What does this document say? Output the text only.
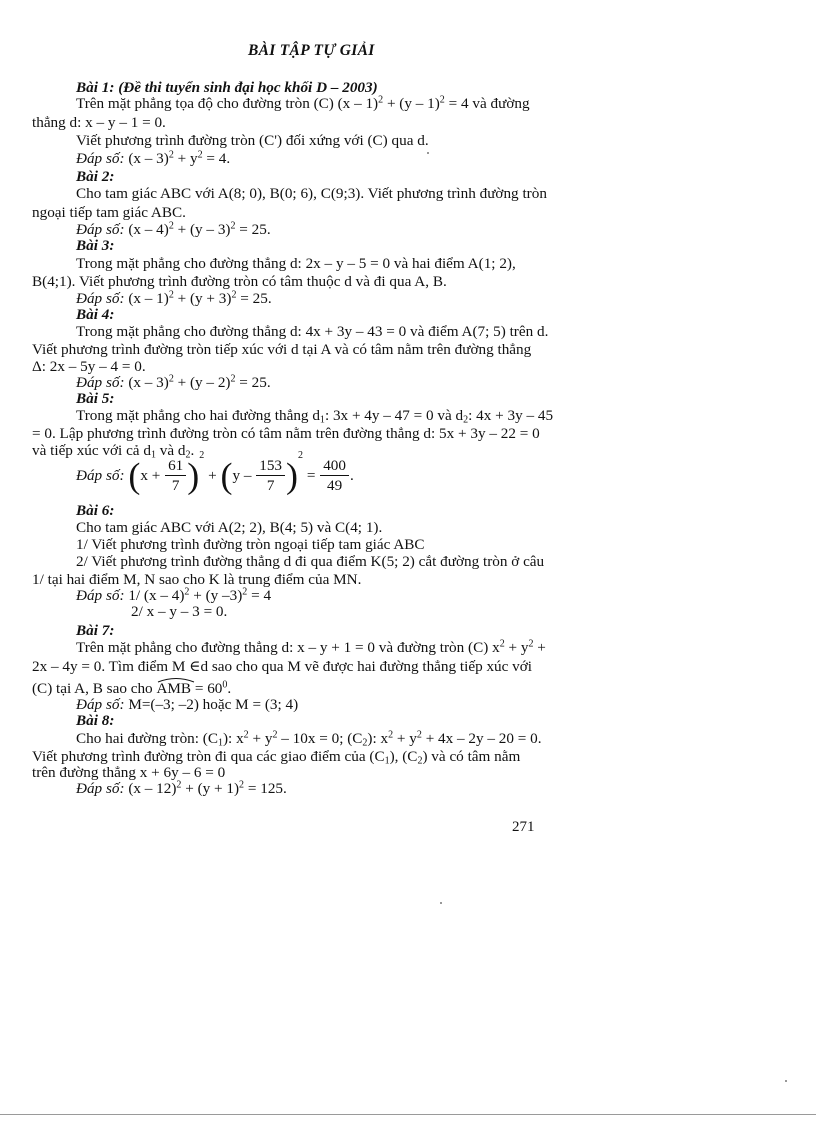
BÀI TẬP TỰ GIẢI
Bài 1: (Đề thi tuyển sinh đại học khối D – 2003)
Trên mặt phẳng tọa độ cho đường tròn (C) (x – 1)$^2$ + (y – 1)$^2$ = 4 và đường
thẳng d: x – y – 1 = 0.
Viết phương trình đường tròn (C') đối xứng với (C) qua d.
Đáp số: $(x - 3)^2 + y^2 = 4$.
Bài 2:
Cho tam giác ABC với A(8; 0), B(0; 6), C(9;3). Viết phương trình đường tròn
ngoại tiếp tam giác ABC.
Đáp số: (x – 4)$^2$ + (y – 3)$^2$ = 25.
Bài 3:
Trong mặt phẳng cho đường thẳng d: 2x – y – 5 = 0 và hai điểm A(1; 2),
B(4;1). Viết phương trình đường tròn có tâm thuộc d và đi qua A, B.
Đáp số: $(x - 1)^2 + (y + 3)^2 = 25$.
Bài 4:
Trong mặt phẳng cho đường thẳng d: 4x + 3y – 43 = 0 và điểm A(7; 5) trên d.
Viết phương trình đường tròn tiếp xúc với d tại A và có tâm nằm trên đường thẳng
Δ: 2x – 5y – 4 = 0.
Đáp số: (x – 3)$^2$ + (y – 2)$^2$ = 25.
Bài 5:
Trong mặt phẳng cho hai đường thẳng $d_1$: 3x + 4y – 47 = 0 và $d_2$: 4x + 3y – 45
= 0. Lập phương trình đường tròn có tâm nằm trên đường thẳng d: 5x + 3y – 22 = 0
và tiếp xúc với cả $d_1$ và $d_2$.
Đáp số: $(x + \frac{61}{7} )^2 + (y - \frac{153}{7} )^2 = \frac{400}{49}$ .
Bài 6:
Cho tam giác ABC với A(2; 2), B(4; 5) và C(4; 1).
1/ Viết phương trình đường tròn ngoại tiếp tam giác ABC
2/ Viết phương trình đường thẳng d đi qua điểm K(5; 2) cắt đường tròn ở câu
1/ tại hai điểm M, N sao cho K là trung điểm của MN.
Đáp số: 1/ (x – 4)$^2$ + (y –3)$^2$ = 4
2/ x – y – 3 = 0.
Bài 7:
Trên mặt phẳng cho đường thẳng d: x – y + 1 = 0 và đường tròn (C) $x^2 + y^2$ +
2x – 4y = 0. Tìm điểm M ∈d sao cho qua M vẽ được hai đường thẳng tiếp xúc với
(C) tại A, B sao cho
AMB = $60^0$.
Đáp số: M=(–3; –2) hoặc M = (3; 4)
Bài 8:
Cho hai đường tròn: $(C_1)$: $x^2 + y^2 - 10x = 0$; $(C_2)$: $x^2 + y^2 + 4x - 2y - 20 = 0$.
Viết phương trình đường tròn đi qua các giao điểm của $(C_1)$, $(C_2)$ và có tâm nằm
trên đường thẳng x + 6y – 6 = 0
Đáp số: $(x - 12)^2 + (y + 1)^2 = 125$.
271
